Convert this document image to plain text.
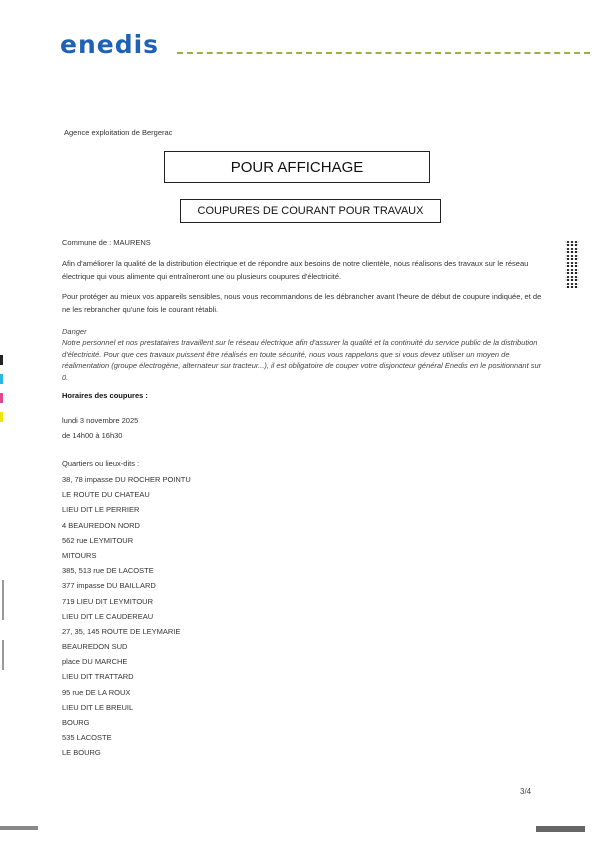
enedis
Agence exploitation de Bergerac
POUR AFFICHAGE
COUPURES DE COURANT POUR TRAVAUX
Commune de : MAURENS
Afin d'améliorer la qualité de la distribution électrique et de répondre aux besoins de notre clientèle, nous réalisons des travaux sur le réseau électrique qui vous alimente qui entraîneront une ou plusieurs coupures d'électricité.
Pour protéger au mieux vos appareils sensibles, nous vous recommandons de les débrancher avant l'heure de début de coupure indiquée, et de ne les rebrancher qu'une fois le courant rétabli.
Danger
Notre personnel et nos prestataires travaillent sur le réseau électrique afin d'assurer la qualité et la continuité du service public de la distribution d'électricité. Pour que ces travaux puissent être réalisés en toute sécurité, nous vous rappelons que si vous devez utiliser un moyen de réalimentation (groupe électrogène, alternateur sur tracteur...), il est obligatoire de couper votre disjoncteur général Enedis en le positionnant sur 0.
Horaires des coupures :
lundi 3 novembre 2025
de 14h00 à 16h30
Quartiers ou lieux-dits :
38, 78 impasse DU ROCHER POINTU
LE ROUTE DU CHATEAU
LIEU DIT LE PERRIER
4 BEAUREDON NORD
562 rue LEYMITOUR
MITOURS
385, 513 rue DE LACOSTE
377 impasse DU BAILLARD
719 LIEU DIT LEYMITOUR
LIEU DIT LE CAUDEREAU
27, 35, 145 ROUTE DE LEYMARIE
BEAUREDON SUD
place DU MARCHE
LIEU DIT TRATTARD
95 rue DE LA ROUX
LIEU DIT LE BREUIL
BOURG
535 LACOSTE
LE BOURG
3/4
